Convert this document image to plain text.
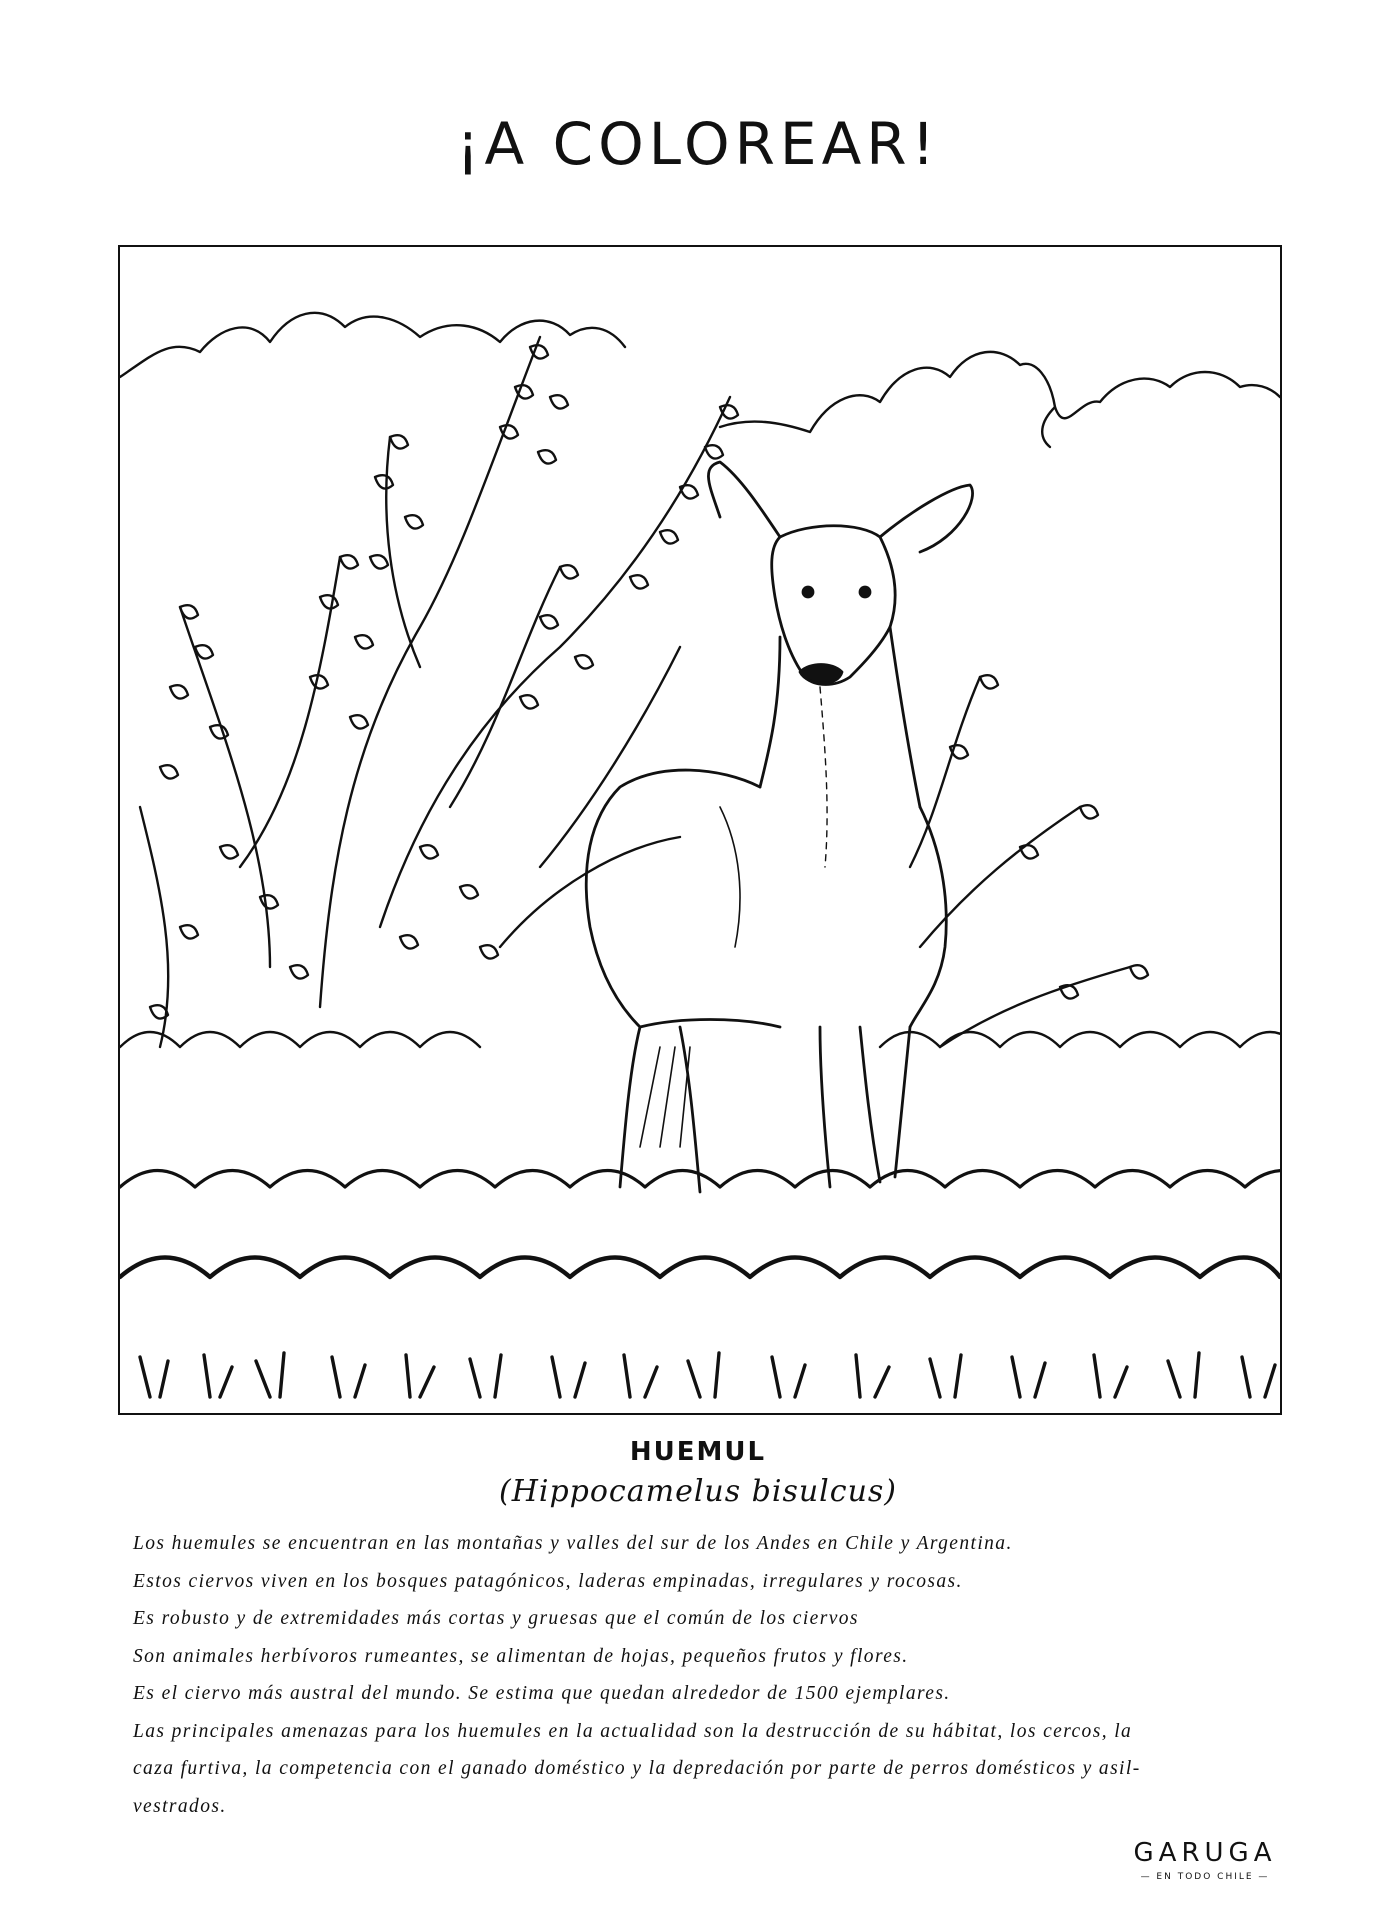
¡A COLOREAR!
HUEMUL
(Hippocamelus bisulcus)

Los huemules se encuentran en las montañas y valles del sur de los Andes en Chile y Argentina.

Estos ciervos viven en los bosques patagónicos, laderas empinadas, irregulares y rocosas.

Es robusto y de extremidades más cortas y gruesas que el común de los ciervos

Son animales herbívoros rumeantes, se alimentan de hojas, pequeños frutos y flores.

Es el ciervo más austral del mundo. Se estima que quedan alrededor de 1500 ejemplares.

Las principales amenazas para los huemules en la actualidad son la destrucción de su hábitat, los cercos, la

caza furtiva, la competencia con el ganado doméstico y la depredación por parte de perros domésticos y asil-

vestrados.

GARUGA
— EN TODO CHILE —
